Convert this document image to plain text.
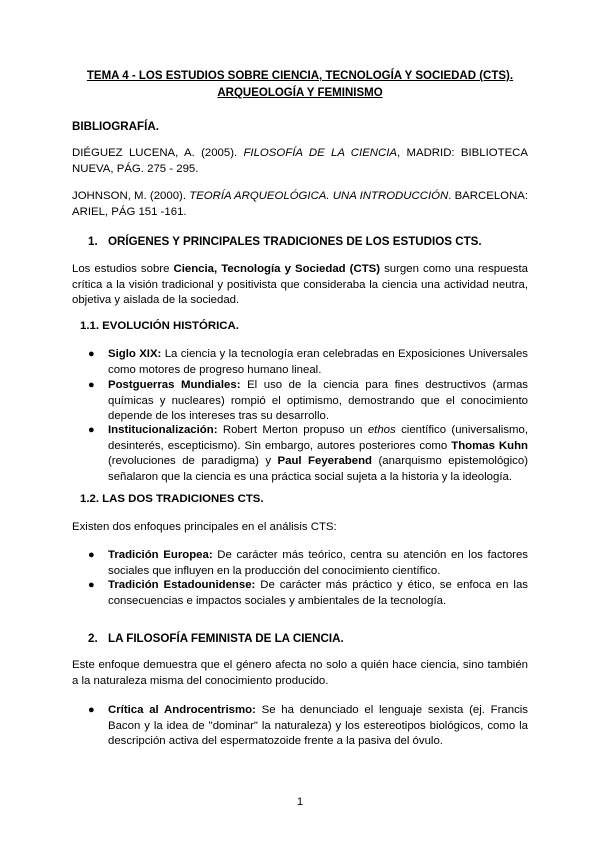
TEMA 4 - LOS ESTUDIOS SOBRE CIENCIA, TECNOLOGÍA Y SOCIEDAD (CTS).
ARQUEOLOGÍA Y FEMINISMO
BIBLIOGRAFÍA.
DIÉGUEZ LUCENA, A. (2005). FILOSOFÍA DE LA CIENCIA, MADRID: BIBLIOTECA NUEVA, PÁG. 275 - 295.
JOHNSON, M. (2000). TEORÍA ARQUEOLÓGICA. UNA INTRODUCCIÓN. BARCELONA: ARIEL, PÁG 151 -161.
1. ORÍGENES Y PRINCIPALES TRADICIONES DE LOS ESTUDIOS CTS.
Los estudios sobre Ciencia, Tecnología y Sociedad (CTS) surgen como una respuesta crítica a la visión tradicional y positivista que consideraba la ciencia una actividad neutra, objetiva y aislada de la sociedad.
1.1. EVOLUCIÓN HISTÓRICA.
● Siglo XIX: La ciencia y la tecnología eran celebradas en Exposiciones Universales como motores de progreso humano lineal.
● Postguerras Mundiales: El uso de la ciencia para fines destructivos (armas químicas y nucleares) rompió el optimismo, demostrando que el conocimiento depende de los intereses tras su desarrollo.
● Institucionalización: Robert Merton propuso un ethos científico (universalismo, desinterés, escepticismo). Sin embargo, autores posteriores como Thomas Kuhn (revoluciones de paradigma) y Paul Feyerabend (anarquismo epistemológico) señalaron que la ciencia es una práctica social sujeta a la historia y la ideología.
1.2. LAS DOS TRADICIONES CTS.
Existen dos enfoques principales en el análisis CTS:
● Tradición Europea: De carácter más teórico, centra su atención en los factores sociales que influyen en la producción del conocimiento científico.
● Tradición Estadounidense: De carácter más práctico y ético, se enfoca en las consecuencias e impactos sociales y ambientales de la tecnología.
2. LA FILOSOFÍA FEMINISTA DE LA CIENCIA.
Este enfoque demuestra que el género afecta no solo a quién hace ciencia, sino también a la naturaleza misma del conocimiento producido.
● Crítica al Androcentrismo: Se ha denunciado el lenguaje sexista (ej. Francis Bacon y la idea de "dominar" la naturaleza) y los estereotipos biológicos, como la descripción activa del espermatozoide frente a la pasiva del óvulo.
1
